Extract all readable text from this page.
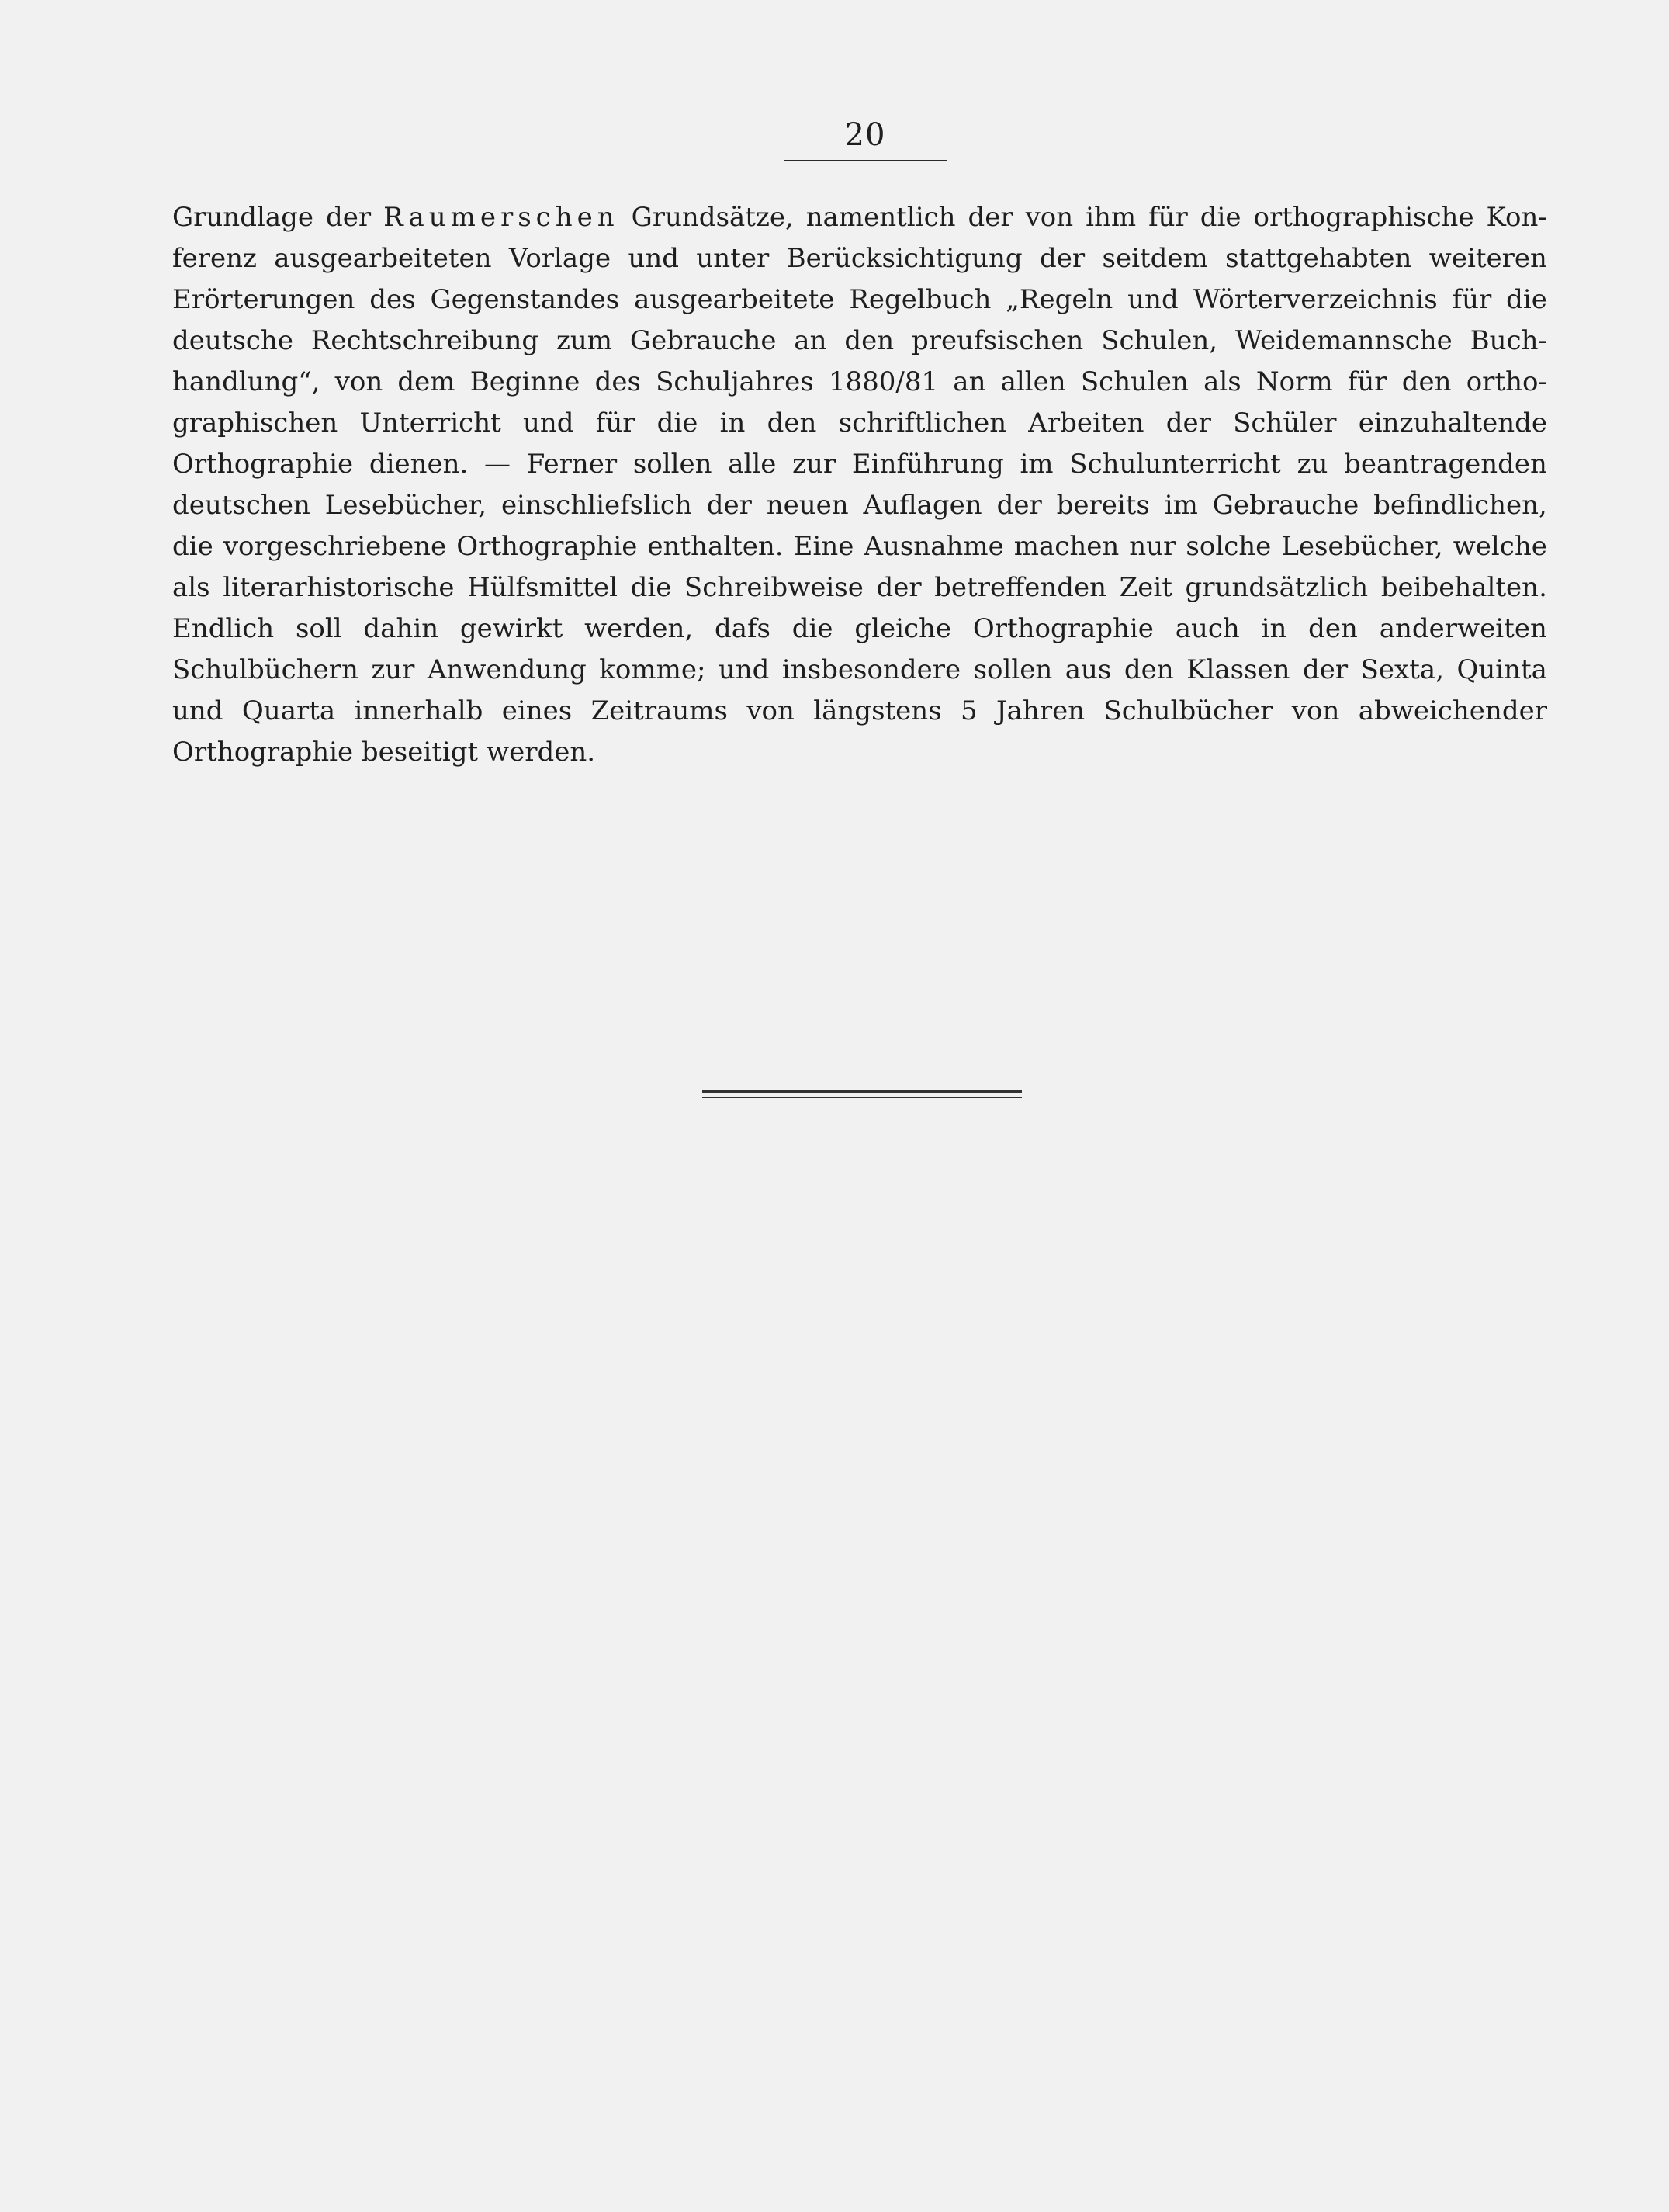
20
Grundlage der Raumerschen Grundsätze, namentlich der von ihm für die orthographische Kon-
ferenz ausgearbeiteten Vorlage und unter Berücksichtigung der seitdem stattgehabten weiteren
Erörterungen des Gegenstandes ausgearbeitete Regelbuch „Regeln und Wörterverzeichnis für die
deutsche Rechtschreibung zum Gebrauche an den preufsischen Schulen, Weidemannsche Buch-
handlung“, von dem Beginne des Schuljahres 1880/81 an allen Schulen als Norm für den ortho-
graphischen Unterricht und für die in den schriftlichen Arbeiten der Schüler einzuhaltende
Orthographie dienen. — Ferner sollen alle zur Einführung im Schulunterricht zu beantragenden
deutschen Lesebücher, einschliefslich der neuen Auflagen der bereits im Gebrauche befindlichen,
die vorgeschriebene Orthographie enthalten. Eine Ausnahme machen nur solche Lesebücher, welche
als literarhistorische Hülfsmittel die Schreibweise der betreffenden Zeit grundsätzlich beibehalten.
Endlich soll dahin gewirkt werden, dafs die gleiche Orthographie auch in den anderweiten
Schulbüchern zur Anwendung komme; und insbesondere sollen aus den Klassen der Sexta, Quinta
und Quarta innerhalb eines Zeitraums von längstens 5 Jahren Schulbücher von abweichender
Orthographie beseitigt werden.
